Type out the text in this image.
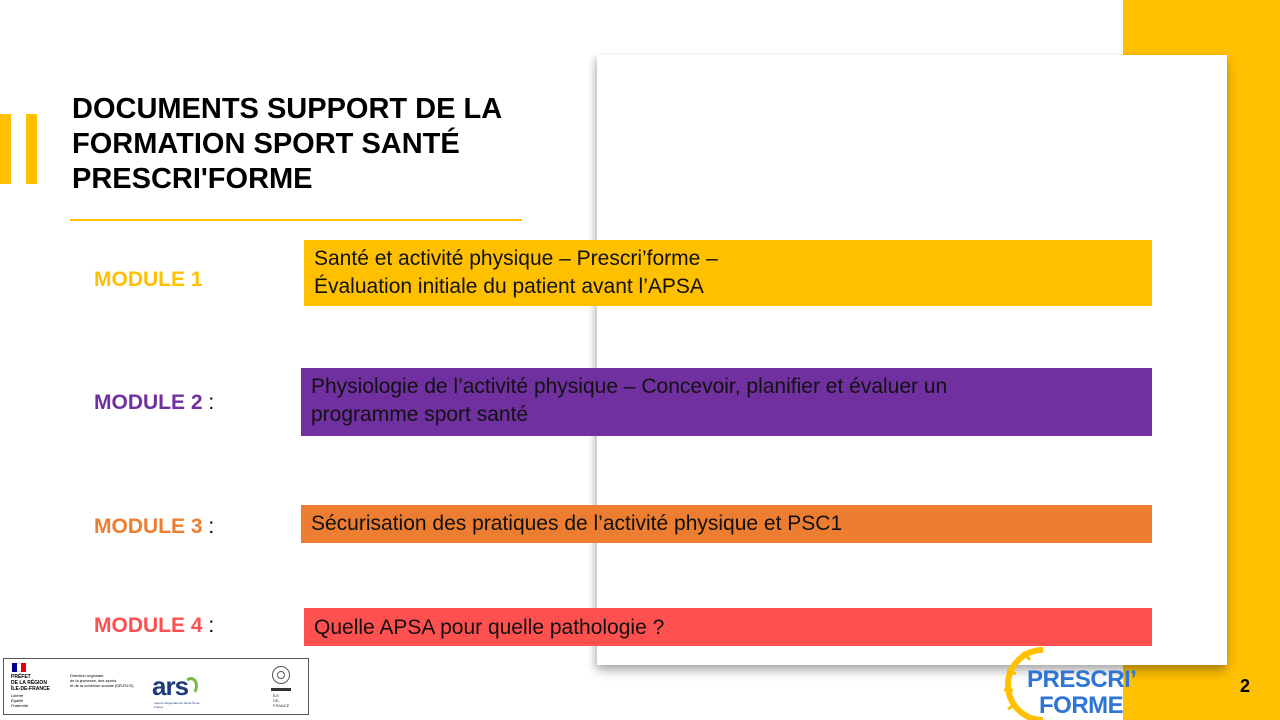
DOCUMENTS SUPPORT DE LA FORMATION SPORT SANTÉ PRESCRI'FORME
MODULE 1
Santé et activité physique – Prescri’forme –
Évaluation initiale du patient avant l’APSA
MODULE 2 :
Physiologie de l’activité physique – Concevoir, planifier et évaluer un
programme sport santé
MODULE 3 :	Sécurisation des pratiques de l’activité physique et PSC1
MODULE 4 :	Quelle APSA pour quelle pathologie ?
PRÉFET
DE LA RÉGION
ÎLE-DE-FRANCE
Liberté
Égalité
Fraternité
Direction régionale
de la jeunesse, des sports
et de la cohésion sociale (DRJSCS) ars
Agence Régionale de Santé Île-de-France
ÎLE
DE-
FRANCE
PRESCRI’
FORME
2
